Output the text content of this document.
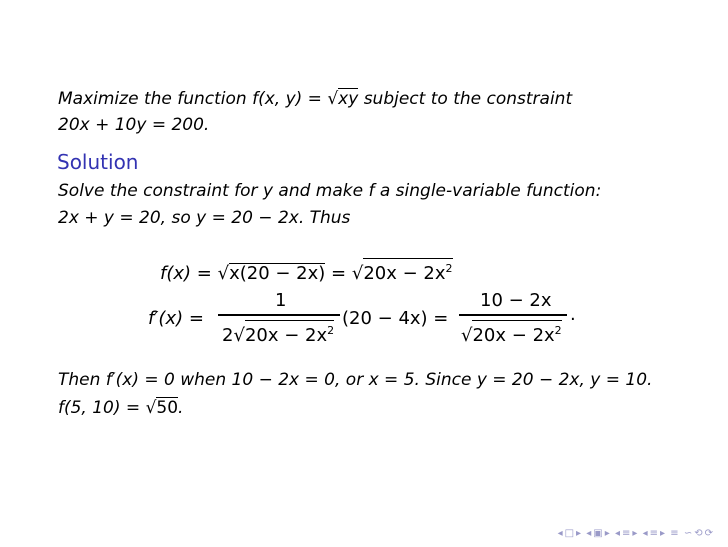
Maximize the function f(x, y) = √xy subject to the constraint
20x + 10y = 200.
Solution
Solve the constraint for y and make f a single-variable function:
2x + y = 20, so y = 20 − 2x. Thus
$f(x) = √x(20 - 2x) = √20x - 2x^2$
f′(x) =
1
$2√20x - 2x^2$
(20 − 4x) =
10 − 2x
$√20x - 2x^2$
.
Then f′(x) = 0 when 10 − 2x = 0, or x = 5. Since y = 20 − 2x, y = 10.
f(5, 10) = √50.
◂ □ ▸ ◂ ▣ ▸ ◂ ≡ ▸ ◂ ≡ ▸ ≡ ∽ ⟲ ⟳
